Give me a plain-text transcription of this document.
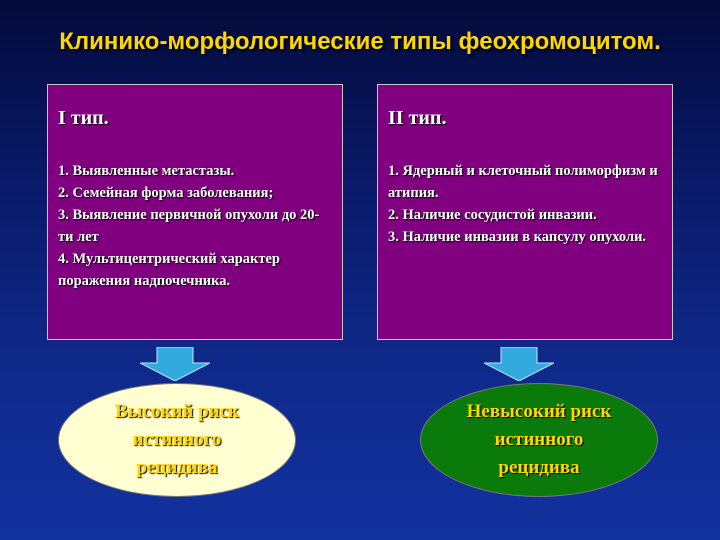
Клинико-морфологические типы феохромоцитом.
I тип.
1. Выявленные метастазы.
2. Семейная форма заболевания;
3. Выявление первичной опухоли до 20-ти лет
4. Мультицентрический характер поражения надпочечника.
II тип.
1. Ядерный и клеточный полиморфизм и атипия.
2. Наличие сосудистой инвазии.
3. Наличие инвазии в капсулу опухоли.
Высокий риск истинного рецидива
Невысокий риск истинного рецидива
